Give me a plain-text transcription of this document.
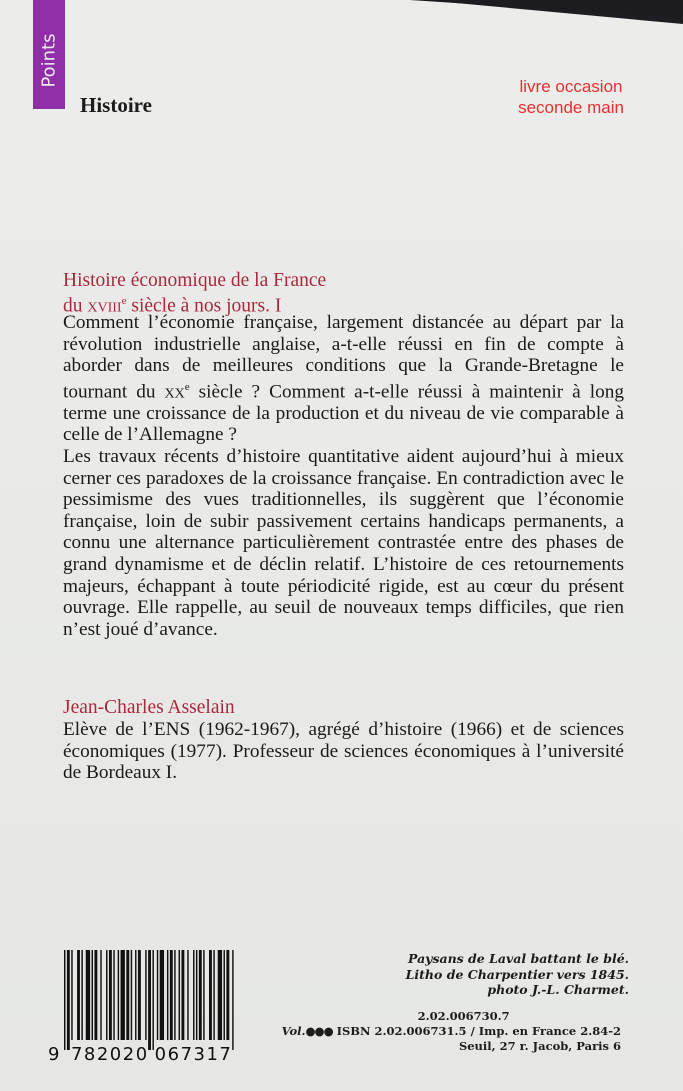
Points
Histoire
livre occasion
seconde main
Histoire économique de la France
du xviii$^e$ siècle à nos jours. I

Comment l’économie française, largement distancée au départ par la révolution industrielle anglaise, a-t-elle réussi en fin de compte à aborder dans de meilleures conditions que la Grande-Bretagne le tournant du $xx^e$ siècle ? Comment a-t-elle réussi à maintenir à long terme une croissance de la production et du niveau de vie comparable à celle de l’Allemagne ?

Les travaux récents d’histoire quantitative aident aujourd’hui à mieux cerner ces paradoxes de la croissance française. En contradiction avec le pessimisme des vues traditionnelles, ils suggèrent que l’économie française, loin de subir passivement certains handicaps permanents, a connu une alternance particulièrement contrastée entre des phases de grand dynamisme et de déclin relatif. L’histoire de ces retournements majeurs, échappant à toute périodicité rigide, est au cœur du présent ouvrage. Elle rappelle, au seuil de nouveaux temps difficiles, que rien n’est joué d’avance.

Jean-Charles Asselain
Elève de l’ENS (1962-1967), agrégé d’histoire (1966) et de sciences économiques (1977). Professeur de sciences économiques à l’université de Bordeaux I.
9 782020 067317
Paysans de Laval battant le blé.
Litho de Charpentier vers 1845.
photo J.-L. Charmet.
2.02.006730.7
Vol.●●● ISBN 2.02.006731.5 / Imp. en France 2.84-2
Seuil, 27 r. Jacob, Paris 6
